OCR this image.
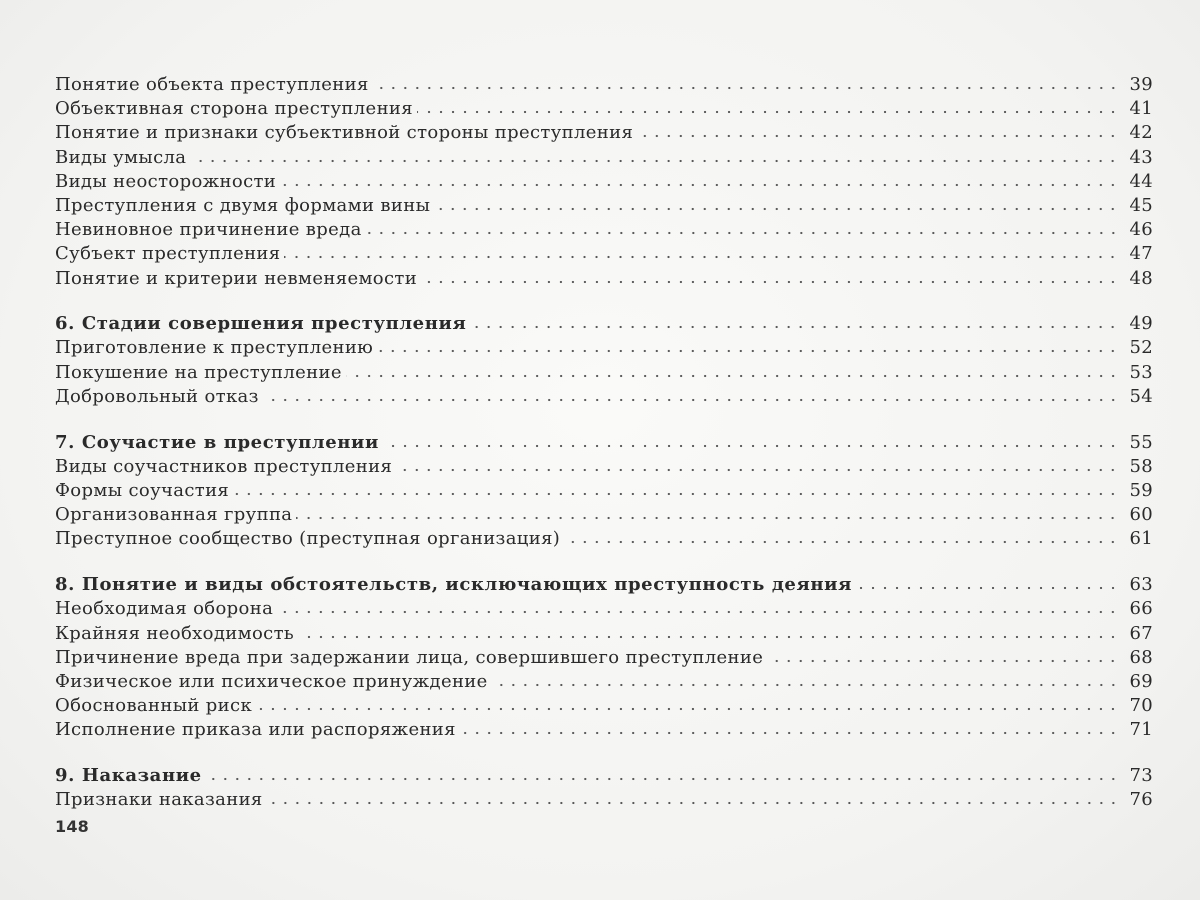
Понятие объекта преступления	39
Объективная сторона преступления	41
Понятие и признаки субъективной стороны преступления	42
Виды умысла	43
Виды неосторожности	44
Преступления с двумя формами вины	45
Невиновное причинение вреда	46
Субъект преступления	47
Понятие и критерии невменяемости	48
6. Стадии совершения преступления	49
Приготовление к преступлению	52
Покушение на преступление	53
Добровольный отказ	54
7. Соучастие в преступлении	55
Виды соучастников преступления	58
Формы соучастия	59
Организованная группа	60
Преступное сообщество (преступная организация)	61
8. Понятие и виды обстоятельств, исключающих преступность деяния	63
Необходимая оборона	66
Крайняя необходимость	67
Причинение вреда при задержании лица, совершившего преступление	68
Физическое или психическое принуждение	69
Обоснованный риск	70
Исполнение приказа или распоряжения	71
9. Наказание	73
Признаки наказания	76
148
